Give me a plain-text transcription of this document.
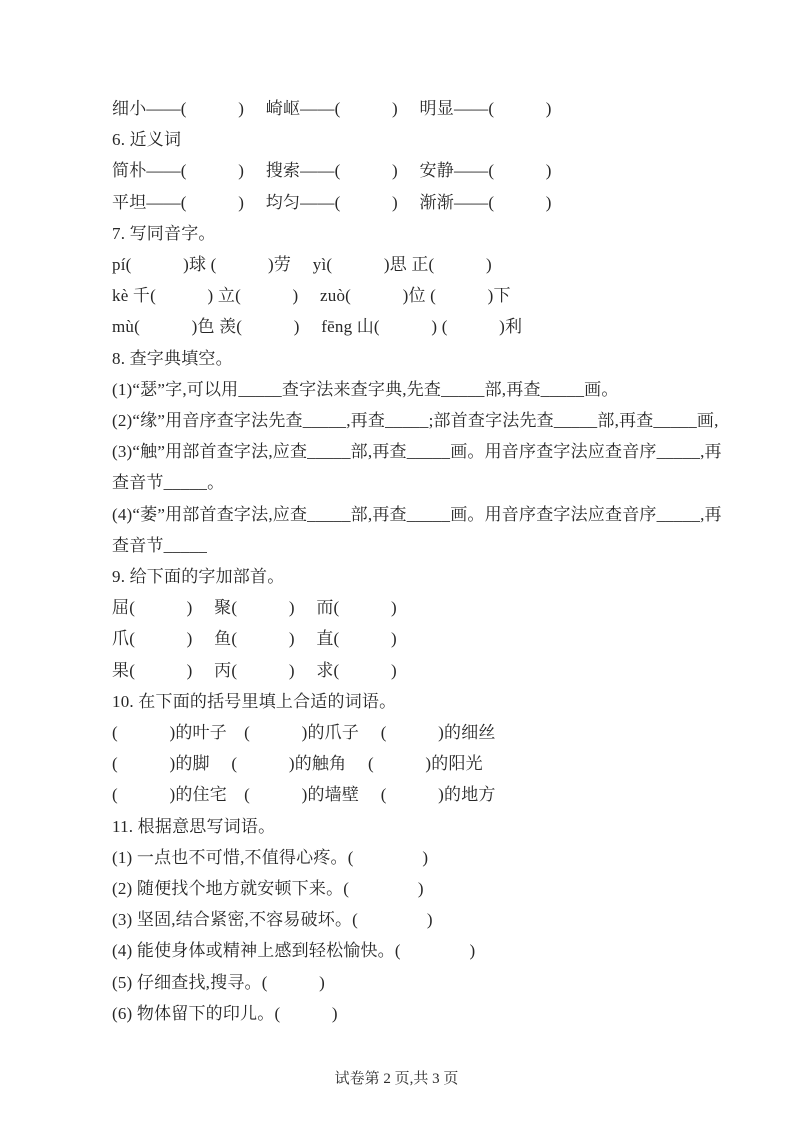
细小——(　　　)　 崎岖——(　　　)　 明显——(　　　)

6. 近义词

简朴——(　　　)　 搜索——(　　　)　 安静——(　　　)

平坦——(　　　)　 均匀——(　　　)　 渐渐——(　　　)

7. 写同音字。

pí(　　　)球 (　　　)劳　 yì(　　　)思 正(　　　)

kè 千(　　　) 立(　　　)　 zuò(　　　)位 (　　　)下

mù(　　　)色 羡(　　　)　 fēng 山(　　　) (　　　)利

8. 查字典填空。

(1)“瑟”字,可以用_____查字法来查字典,先查_____部,再查_____画。

(2)“缘”用音序查字法先查_____,再查_____;部首查字法先查_____部,再查_____画,

(3)“触”用部首查字法,应查_____部,再查_____画。用音序查字法应查音序_____,再

查音节_____。

(4)“萎”用部首查字法,应查_____部,再查_____画。用音序查字法应查音序_____,再

查音节_____

9. 给下面的字加部首。

屈(　　　)　 聚(　　　)　 而(　　　)

爪(　　　)　 鱼(　　　)　 直(　　　)

果(　　　)　 丙(　　　)　 求(　　　)

10. 在下面的括号里填上合适的词语。

(　　　)的叶子　(　　　)的爪子　 (　　　)的细丝

(　　　)的脚　 (　　　)的触角　 (　　　)的阳光

(　　　)的住宅　(　　　)的墙壁　 (　　　)的地方

11. 根据意思写词语。

(1) 一点也不可惜,不值得心疼。(　　　　)

(2) 随便找个地方就安顿下来。(　　　　)

(3) 坚固,结合紧密,不容易破坏。(　　　　)

(4) 能使身体或精神上感到轻松愉快。(　　　　)

(5) 仔细查找,搜寻。(　　　)

(6) 物体留下的印儿。(　　　)

试卷第 2 页,共 3 页
